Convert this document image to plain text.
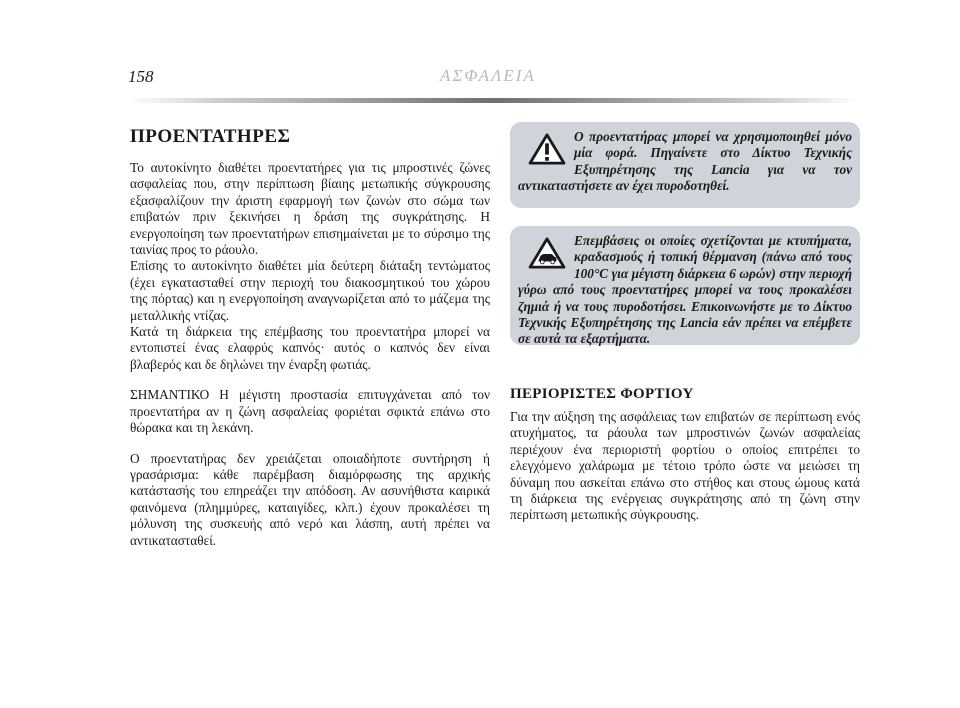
158	ΑΣΦΑΛΕΙΑ
ΠΡΟΕΝΤΑΤΗΡΕΣ

Το αυτοκίνητο διαθέτει προεντατήρες για τις μπροστινές ζώνες ασφαλείας που, στην περίπτωση βίαιης μετωπικής σύγκρουσης εξασφαλίζουν την άριστη εφαρμογή των ζωνών στο σώμα των επιβατών πριν ξεκινήσει η δράση της συγκράτησης. Η ενεργοποίηση των προεντατήρων επισημαίνεται με το σύρσιμο της ταινίας προς το ράουλο.

Επίσης το αυτοκίνητο διαθέτει μία δεύτερη διάταξη τεντώματος (έχει εγκατασταθεί στην περιοχή του διακοσμητικού του χώρου της πόρτας) και η ενεργοποίηση αναγνωρίζεται από το μάζεμα της μεταλλικής ντίζας.

Κατά τη διάρκεια της επέμβασης του προεντατήρα μπορεί να εντοπιστεί ένας ελαφρύς καπνός· αυτός ο καπνός δεν είναι βλαβερός και δε δηλώνει την έναρξη φωτιάς.

ΣΗΜΑΝΤΙΚΟ Η μέγιστη προστασία επιτυγχάνεται από τον προεντατήρα αν η ζώνη ασφαλείας φοριέται σφικτά επάνω στο θώρακα και τη λεκάνη.

Ο προεντατήρας δεν χρειάζεται οποιαδήποτε συντήρηση ή γρασάρισμα: κάθε παρέμβαση διαμόρφωσης της αρχικής κατάστασής του επηρεάζει την απόδοση. Αν ασυνήθιστα καιρικά φαινόμενα (πλημμύρες, καταιγίδες, κλπ.) έχουν προκαλέσει τη μόλυνση της συσκευής από νερό και λάσπη, αυτή πρέπει να αντικατασταθεί.

Ο προεντατήρας μπορεί να χρησιμοποιηθεί μόνο μία φορά. Πηγαίνετε στο Δίκτυο Τεχνικής Εξυπηρέτησης της Lancia για να τον αντικαταστήσετε αν έχει πυροδοτηθεί.

Επεμβάσεις οι οποίες σχετίζονται με κτυπήματα, κραδασμούς ή τοπική θέρμανση (πάνω από τους 100°C για μέγιστη διάρκεια 6 ωρών) στην περιοχή γύρω από τους προεντατήρες μπορεί να τους προκαλέσει ζημιά ή να τους πυροδοτήσει. Επικοινωνήστε με το Δίκτυο Τεχνικής Εξυπηρέτησης της Lancia εάν πρέπει να επέμβετε σε αυτά τα εξαρτήματα.

ΠΕΡΙΟΡΙΣΤΕΣ ΦΟΡΤΙΟΥ

Για την αύξηση της ασφάλειας των επιβατών σε περίπτωση ενός ατυχήματος, τα ράουλα των μπροστινών ζωνών ασφαλείας περιέχουν ένα περιοριστή φορτίου ο οποίος επιτρέπει το ελεγχόμενο χαλάρωμα με τέτοιο τρόπο ώστε να μειώσει τη δύναμη που ασκείται επάνω στο στήθος και στους ώμους κατά τη διάρκεια της ενέργειας συγκράτησης από τη ζώνη στην περίπτωση μετωπικής σύγκρουσης.
